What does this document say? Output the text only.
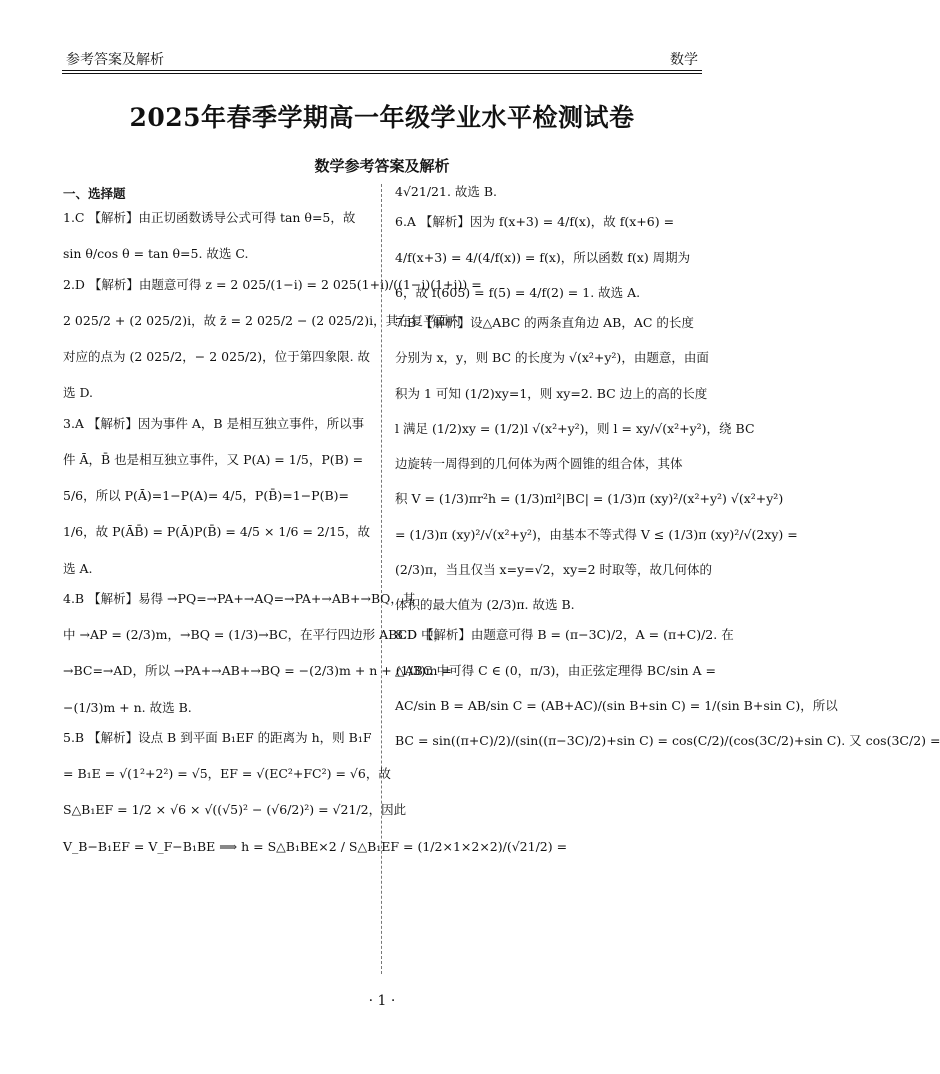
参考答案及解析	数学
2025年春季学期高一年级学业水平检测试卷
数学参考答案及解析
一、选择题
1.C 【解析】由正切函数诱导公式可得 tan θ=5，故
sin θ/cos θ = tan θ=5. 故选 C.
2.D 【解析】由题意可得 z = 2 025/(1−i) = 2 025(1+i)/((1−i)(1+i)) =
2 025/2 + (2 025/2)i，故 z̄ = 2 025/2 − (2 025/2)i，其在复平面内
对应的点为 (2 025/2，− 2 025/2)，位于第四象限. 故
选 D.
3.A 【解析】因为事件 A，B 是相互独立事件，所以事
件 Ā，B̄ 也是相互独立事件，又 P(A) = 1/5，P(B) =
5/6，所以 P(Ā)=1−P(A)= 4/5，P(B̄)=1−P(B)=
1/6，故 P(ĀB̄) = P(Ā)P(B̄) = 4/5 × 1/6 = 2/15，故
选 A.
4.B 【解析】易得 →PQ=→PA+→AQ=→PA+→AB+→BQ，其
中 →AP = (2/3)m，→BQ = (1/3)→BC，在平行四边形 ABCD 中，
→BC=→AD，所以 →PA+→AB+→BQ = −(2/3)m + n + (1/3)m =
−(1/3)m + n. 故选 B.
5.B 【解析】设点 B 到平面 B₁EF 的距离为 h，则 B₁F
= B₁E = √(1²+2²) = √5，EF = √(EC²+FC²) = √6，故
S△B₁EF = 1/2 × √6 × √((√5)² − (√6/2)²) = √21/2，因此
V_B−B₁EF = V_F−B₁BE ⟹ h = S△B₁BE×2 / S△B₁EF = (1/2×1×2×2)/(√21/2) =
4√21/21. 故选 B.
6.A 【解析】因为 f(x+3) = 4/f(x)，故 f(x+6) =
4/f(x+3) = 4/(4/f(x)) = f(x)，所以函数 f(x) 周期为
6，故 f(605) = f(5) = 4/f(2) = 1. 故选 A.
7.B 【解析】设△ABC 的两条直角边 AB，AC 的长度
分别为 x，y，则 BC 的长度为 √(x²+y²)，由题意，由面
积为 1 可知 (1/2)xy=1，则 xy=2. BC 边上的高的长度
l 满足 (1/2)xy = (1/2)l √(x²+y²)，则 l = xy/√(x²+y²)，绕 BC
边旋转一周得到的几何体为两个圆锥的组合体，其体
积 V = (1/3)πr²h = (1/3)πl²|BC| = (1/3)π (xy)²/(x²+y²) √(x²+y²)
= (1/3)π (xy)²/√(x²+y²)，由基本不等式得 V ≤ (1/3)π (xy)²/√(2xy) =
(2/3)π，当且仅当 x=y=√2，xy=2 时取等，故几何体的
体积的最大值为 (2/3)π. 故选 B.
8.D 【解析】由题意可得 B = (π−3C)/2，A = (π+C)/2. 在
△ABC 中可得 C ∈ (0，π/3)，由正弦定理得 BC/sin A =
AC/sin B = AB/sin C = (AB+AC)/(sin B+sin C) = 1/(sin B+sin C)，所以
BC = sin((π+C)/2)/(sin((π−3C)/2)+sin C) = cos(C/2)/(cos(3C/2)+sin C). 又 cos(3C/2) =
· 1 ·
